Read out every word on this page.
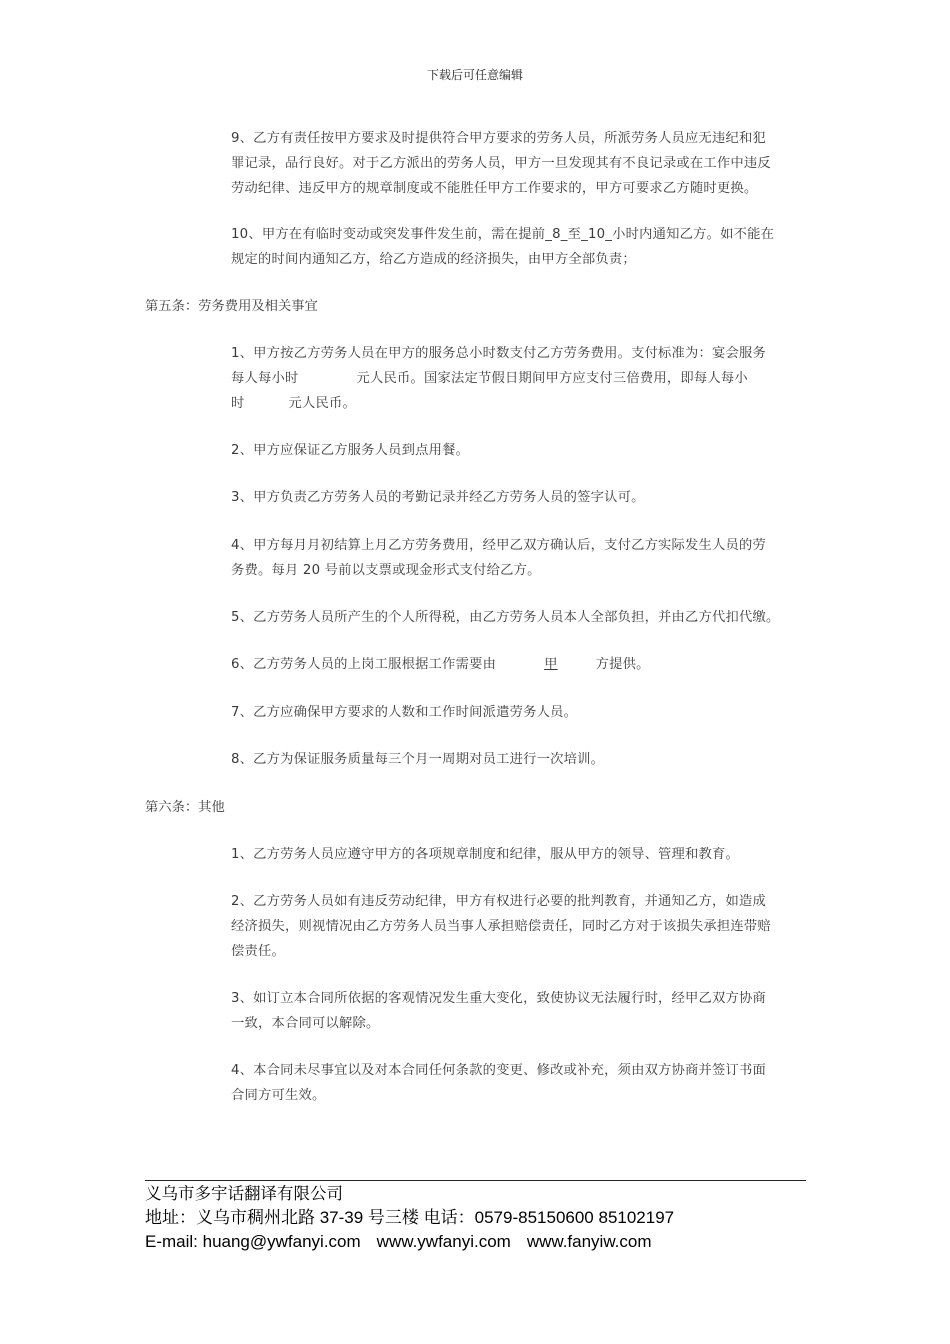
下载后可任意编辑
9、乙方有责任按甲方要求及时提供符合甲方要求的劳务人员，所派劳务人员应无违纪和犯
罪记录，品行良好。对于乙方派出的劳务人员，甲方一旦发现其有不良记录或在工作中违反
劳动纪律、违反甲方的规章制度或不能胜任甲方工作要求的，甲方可要求乙方随时更换。
10、甲方在有临时变动或突发事件发生前，需在提前_8_至_10_小时内通知乙方。如不能在
规定的时间内通知乙方，给乙方造成的经济损失，由甲方全部负责；
第五条：劳务费用及相关事宜
1、甲方按乙方劳务人员在甲方的服务总小时数支付乙方劳务费用。支付标准为：宴会服务
每人每小时	元人民币。国家法定节假日期间甲方应支付三倍费用，即每人每小
时	元人民币。
2、甲方应保证乙方服务人员到点用餐。
3、甲方负责乙方劳务人员的考勤记录并经乙方劳务人员的签字认可。
4、甲方每月月初结算上月乙方劳务费用，经甲乙双方确认后，支付乙方实际发生人员的劳
务费。每月 20 号前以支票或现金形式支付给乙方。
5、乙方劳务人员所产生的个人所得税，由乙方劳务人员本人全部负担，并由乙方代扣代缴。
6、乙方劳务人员的上岗工服根据工作需要由	甲	方提供。
7、乙方应确保甲方要求的人数和工作时间派遣劳务人员。
8、乙方为保证服务质量每三个月一周期对员工进行一次培训。
第六条：其他
1、乙方劳务人员应遵守甲方的各项规章制度和纪律，服从甲方的领导、管理和教育。
2、乙方劳务人员如有违反劳动纪律，甲方有权进行必要的批判教育，并通知乙方，如造成
经济损失，则视情况由乙方劳务人员当事人承担赔偿责任，同时乙方对于该损失承担连带赔
偿责任。
3、如订立本合同所依据的客观情况发生重大变化，致使协议无法履行时，经甲乙双方协商
一致，本合同可以解除。
4、本合同未尽事宜以及对本合同任何条款的变更、修改或补充，须由双方协商并签订书面
合同方可生效。
义乌市多宇话翻译有限公司
地址：义乌市稠州北路 37-39 号三楼 电话：0579-85150600 85102197
E-mail: huang@ywfanyi.com www.ywfanyi.com www.fanyiw.com
